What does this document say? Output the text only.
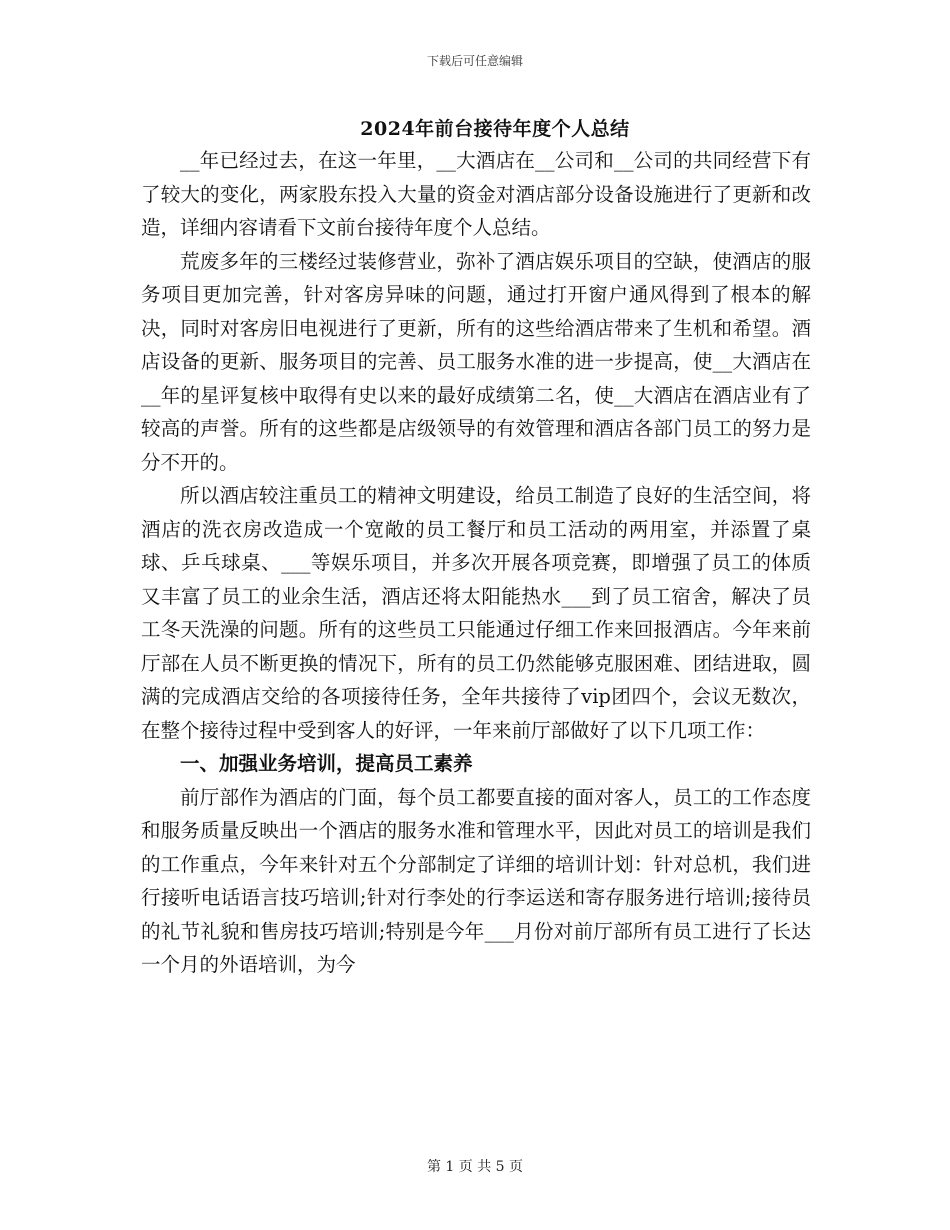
下载后可任意编辑
2024年前台接待年度个人总结

__年已经过去，在这一年里，__大酒店在__公司和__公司的共同经营下有了较大的变化，两家股东投入大量的资金对酒店部分设备设施进行了更新和改造，详细内容请看下文前台接待年度个人总结。

荒废多年的三楼经过装修营业，弥补了酒店娱乐项目的空缺，使酒店的服务项目更加完善，针对客房异味的问题，通过打开窗户通风得到了根本的解决，同时对客房旧电视进行了更新，所有的这些给酒店带来了生机和希望。酒店设备的更新、服务项目的完善、员工服务水准的进一步提高，使__大酒店在__年的星评复核中取得有史以来的最好成绩第二名，使__大酒店在酒店业有了较高的声誉。所有的这些都是店级领导的有效管理和酒店各部门员工的努力是分不开的。

所以酒店较注重员工的精神文明建设，给员工制造了良好的生活空间，将酒店的洗衣房改造成一个宽敞的员工餐厅和员工活动的两用室，并添置了桌球、乒乓球桌、___等娱乐项目，并多次开展各项竞赛，即增强了员工的体质又丰富了员工的业余生活，酒店还将太阳能热水___到了员工宿舍，解决了员工冬天洗澡的问题。所有的这些员工只能通过仔细工作来回报酒店。今年来前厅部在人员不断更换的情况下，所有的员工仍然能够克服困难、团结进取，圆满的完成酒店交给的各项接待任务，全年共接待了vip团四个，会议无数次，在整个接待过程中受到客人的好评，一年来前厅部做好了以下几项工作：

一、加强业务培训，提高员工素养

前厅部作为酒店的门面，每个员工都要直接的面对客人，员工的工作态度和服务质量反映出一个酒店的服务水准和管理水平，因此对员工的培训是我们的工作重点，今年来针对五个分部制定了详细的培训计划：针对总机，我们进行接听电话语言技巧培训;针对行李处的行李运送和寄存服务进行培训;接待员的礼节礼貌和售房技巧培训;特别是今年___月份对前厅部所有员工进行了长达一个月的外语培训，为今

第 1 页 共 5 页
